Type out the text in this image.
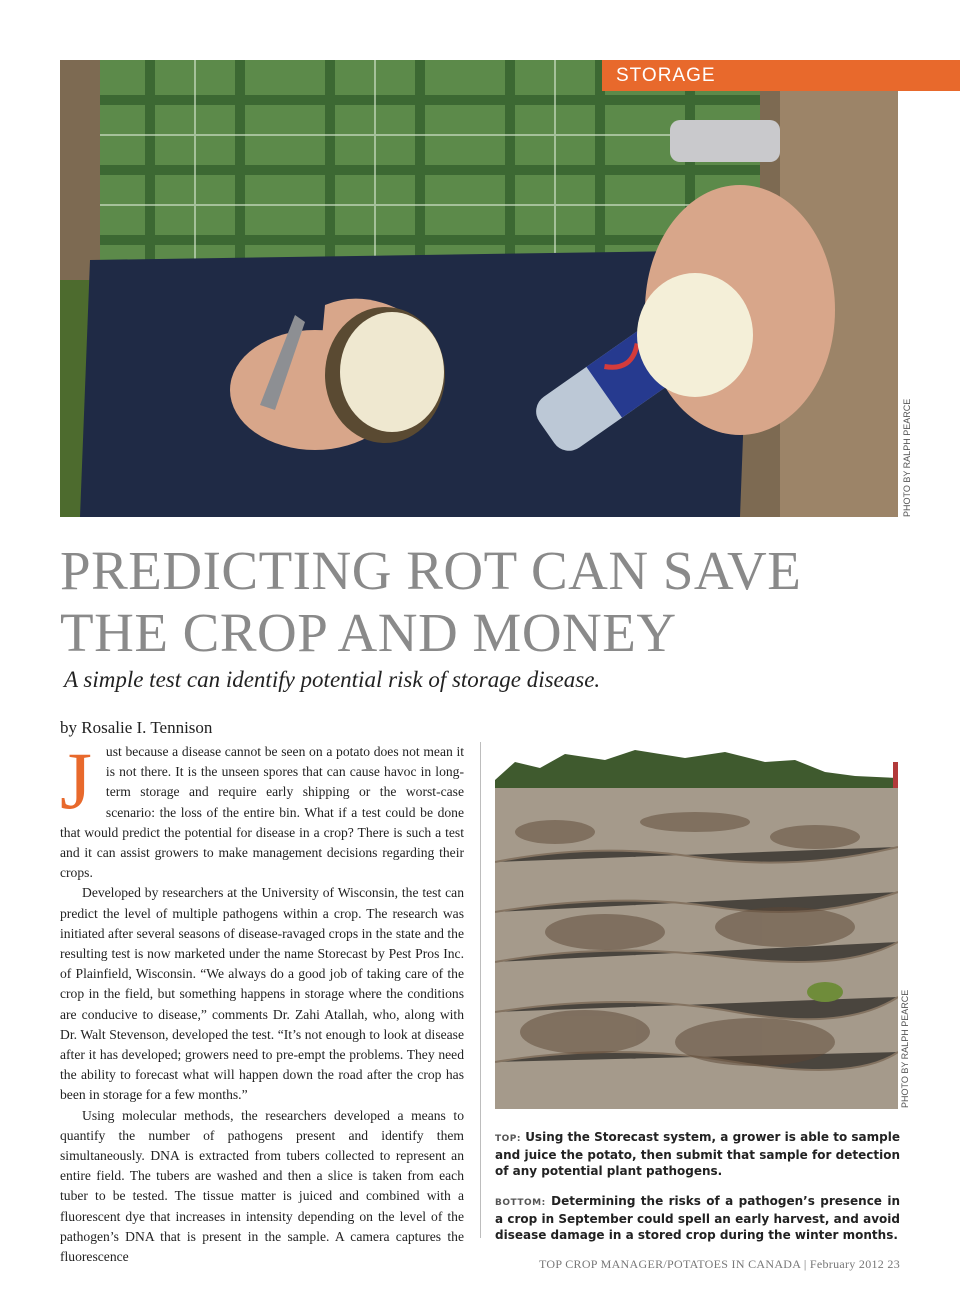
STORAGE
PHOTO BY RALPH PEARCE
PREDICTING ROT CAN SAVE
THE CROP AND MONEY

A simple test can identify potential risk of storage disease.

by Rosalie I. Tennison

J	ust because a disease cannot be seen on a potato does not mean it is not there. It is the unseen spores that can cause havoc in long-term storage and require early shipping or the worst-case scenario: the loss of the entire bin. What if a test could be done that would predict the potential for disease in a crop? There is such a test and it can assist growers to make management decisions regarding their crops.

Developed by researchers at the University of Wisconsin, the test can predict the level of multiple pathogens within a crop. The research was initiated after several seasons of disease-ravaged crops in the state and the resulting test is now marketed under the name Storecast by Pest Pros Inc. of Plainfield, Wisconsin. “We always do a good job of taking care of the crop in the field, but something happens in storage where the conditions are conducive to disease,” comments Dr. Zahi Atallah, who, along with Dr. Walt Stevenson, developed the test. “It’s not enough to look at disease after it has developed; growers need to pre-empt the problems. They need the ability to forecast what will happen down the road after the crop has been in storage for a few months.”

Using molecular methods, the researchers developed a means to quantify the number of pathogens present and identify them simultaneously. DNA is extracted from tubers collected to represent an entire field. The tubers are washed and then a slice is taken from each tuber to be tested. The tissue matter is juiced and combined with a fluorescent dye that increases in intensity depending on the level of the pathogen’s DNA that is present in the sample. A camera captures the fluorescence

PHOTO BY RALPH PEARCE

TOP: Using the Storecast system, a grower is able to sample and juice the potato, then submit that sample for detection of any potential plant pathogens.

BOTTOM: Determining the risks of a pathogen’s presence in a crop in September could spell an early harvest, and avoid disease damage in a stored crop during the winter months.

TOP CROP MANAGER/POTATOES IN CANADA | February 2012 23
